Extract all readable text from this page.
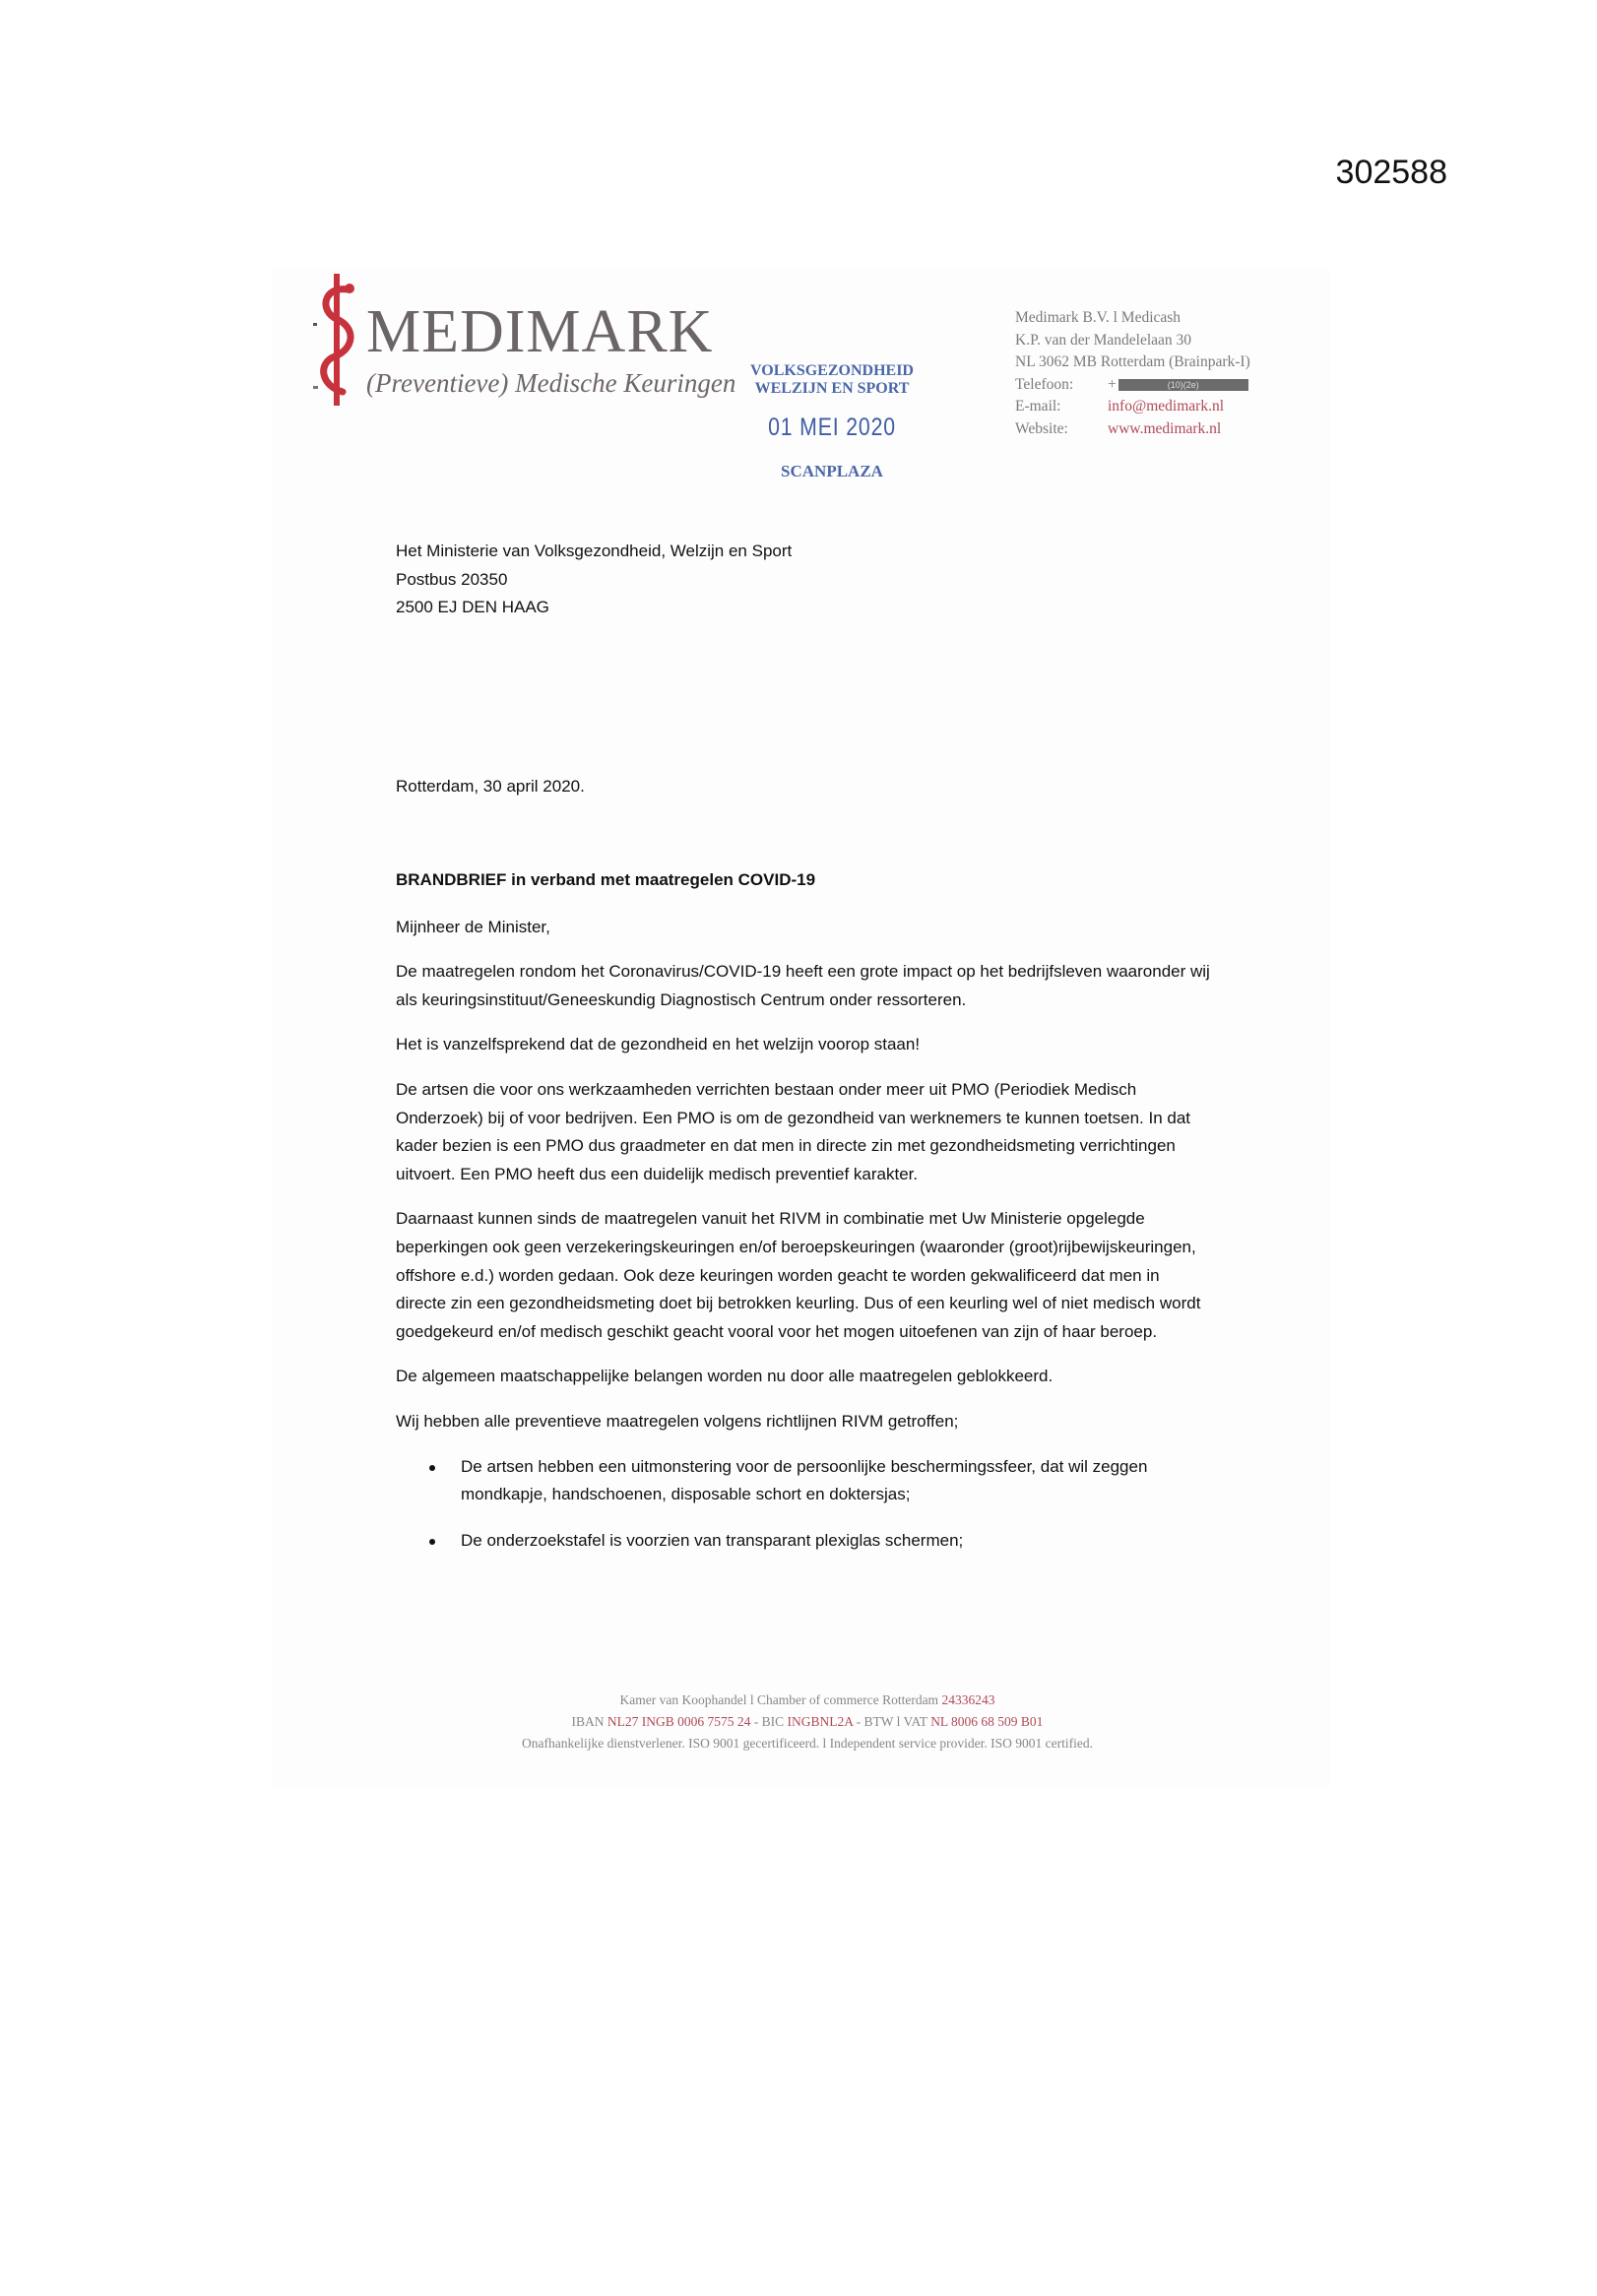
302588
MEDIMARK
(Preventieve) Medische Keuringen VOLKSGEZONDHEID
WELZIJN EN SPORT
01 MEI 2020
SCANPLAZA
Medimark B.V. l Medicash
K.P. van der Mandelelaan 30
NL 3062 MB Rotterdam (Brainpark-I)
Telefoon: +	(10)(2e)
E-mail:	info@medimark.nl
Website:	www.medimark.nl
Het Ministerie van Volksgezondheid, Welzijn en Sport
Postbus 20350
2500 EJ DEN HAAG
Rotterdam, 30 april 2020.

BRANDBRIEF in verband met maatregelen COVID-19

Mijnheer de Minister,

De maatregelen rondom het Coronavirus/COVID-19 heeft een grote impact op het bedrijfsleven waaronder wij als keuringsinstituut/Geneeskundig Diagnostisch Centrum onder ressorteren.

Het is vanzelfsprekend dat de gezondheid en het welzijn voorop staan!

De artsen die voor ons werkzaamheden verrichten bestaan onder meer uit PMO (Periodiek Medisch Onderzoek) bij of voor bedrijven. Een PMO is om de gezondheid van werknemers te kunnen toetsen. In dat kader bezien is een PMO dus graadmeter en dat men in directe zin met gezondheidsmeting verrichtingen uitvoert. Een PMO heeft dus een duidelijk medisch preventief karakter.

Daarnaast kunnen sinds de maatregelen vanuit het RIVM in combinatie met Uw Ministerie opgelegde beperkingen ook geen verzekeringskeuringen en/of beroepskeuringen (waaronder (groot)rijbewijskeuringen, offshore e.d.) worden gedaan. Ook deze keuringen worden geacht te worden gekwalificeerd dat men in directe zin een gezondheidsmeting doet bij betrokken keurling. Dus of een keurling wel of niet medisch wordt goedgekeurd en/of medisch geschikt geacht vooral voor het mogen uitoefenen van zijn of haar beroep.

De algemeen maatschappelijke belangen worden nu door alle maatregelen geblokkeerd.

Wij hebben alle preventieve maatregelen volgens richtlijnen RIVM getroffen;

De artsen hebben een uitmonstering voor de persoonlijke beschermingssfeer, dat wil zeggen mondkapje, handschoenen, disposable schort en doktersjas;
De onderzoekstafel is voorzien van transparant plexiglas schermen;
Kamer van Koophandel l Chamber of commerce Rotterdam 24336243
IBAN NL27 INGB 0006 7575 24 - BIC INGBNL2A - BTW l VAT NL 8006 68 509 B01
Onafhankelijke dienstverlener. ISO 9001 gecertificeerd. l Independent service provider. ISO 9001 certified.
